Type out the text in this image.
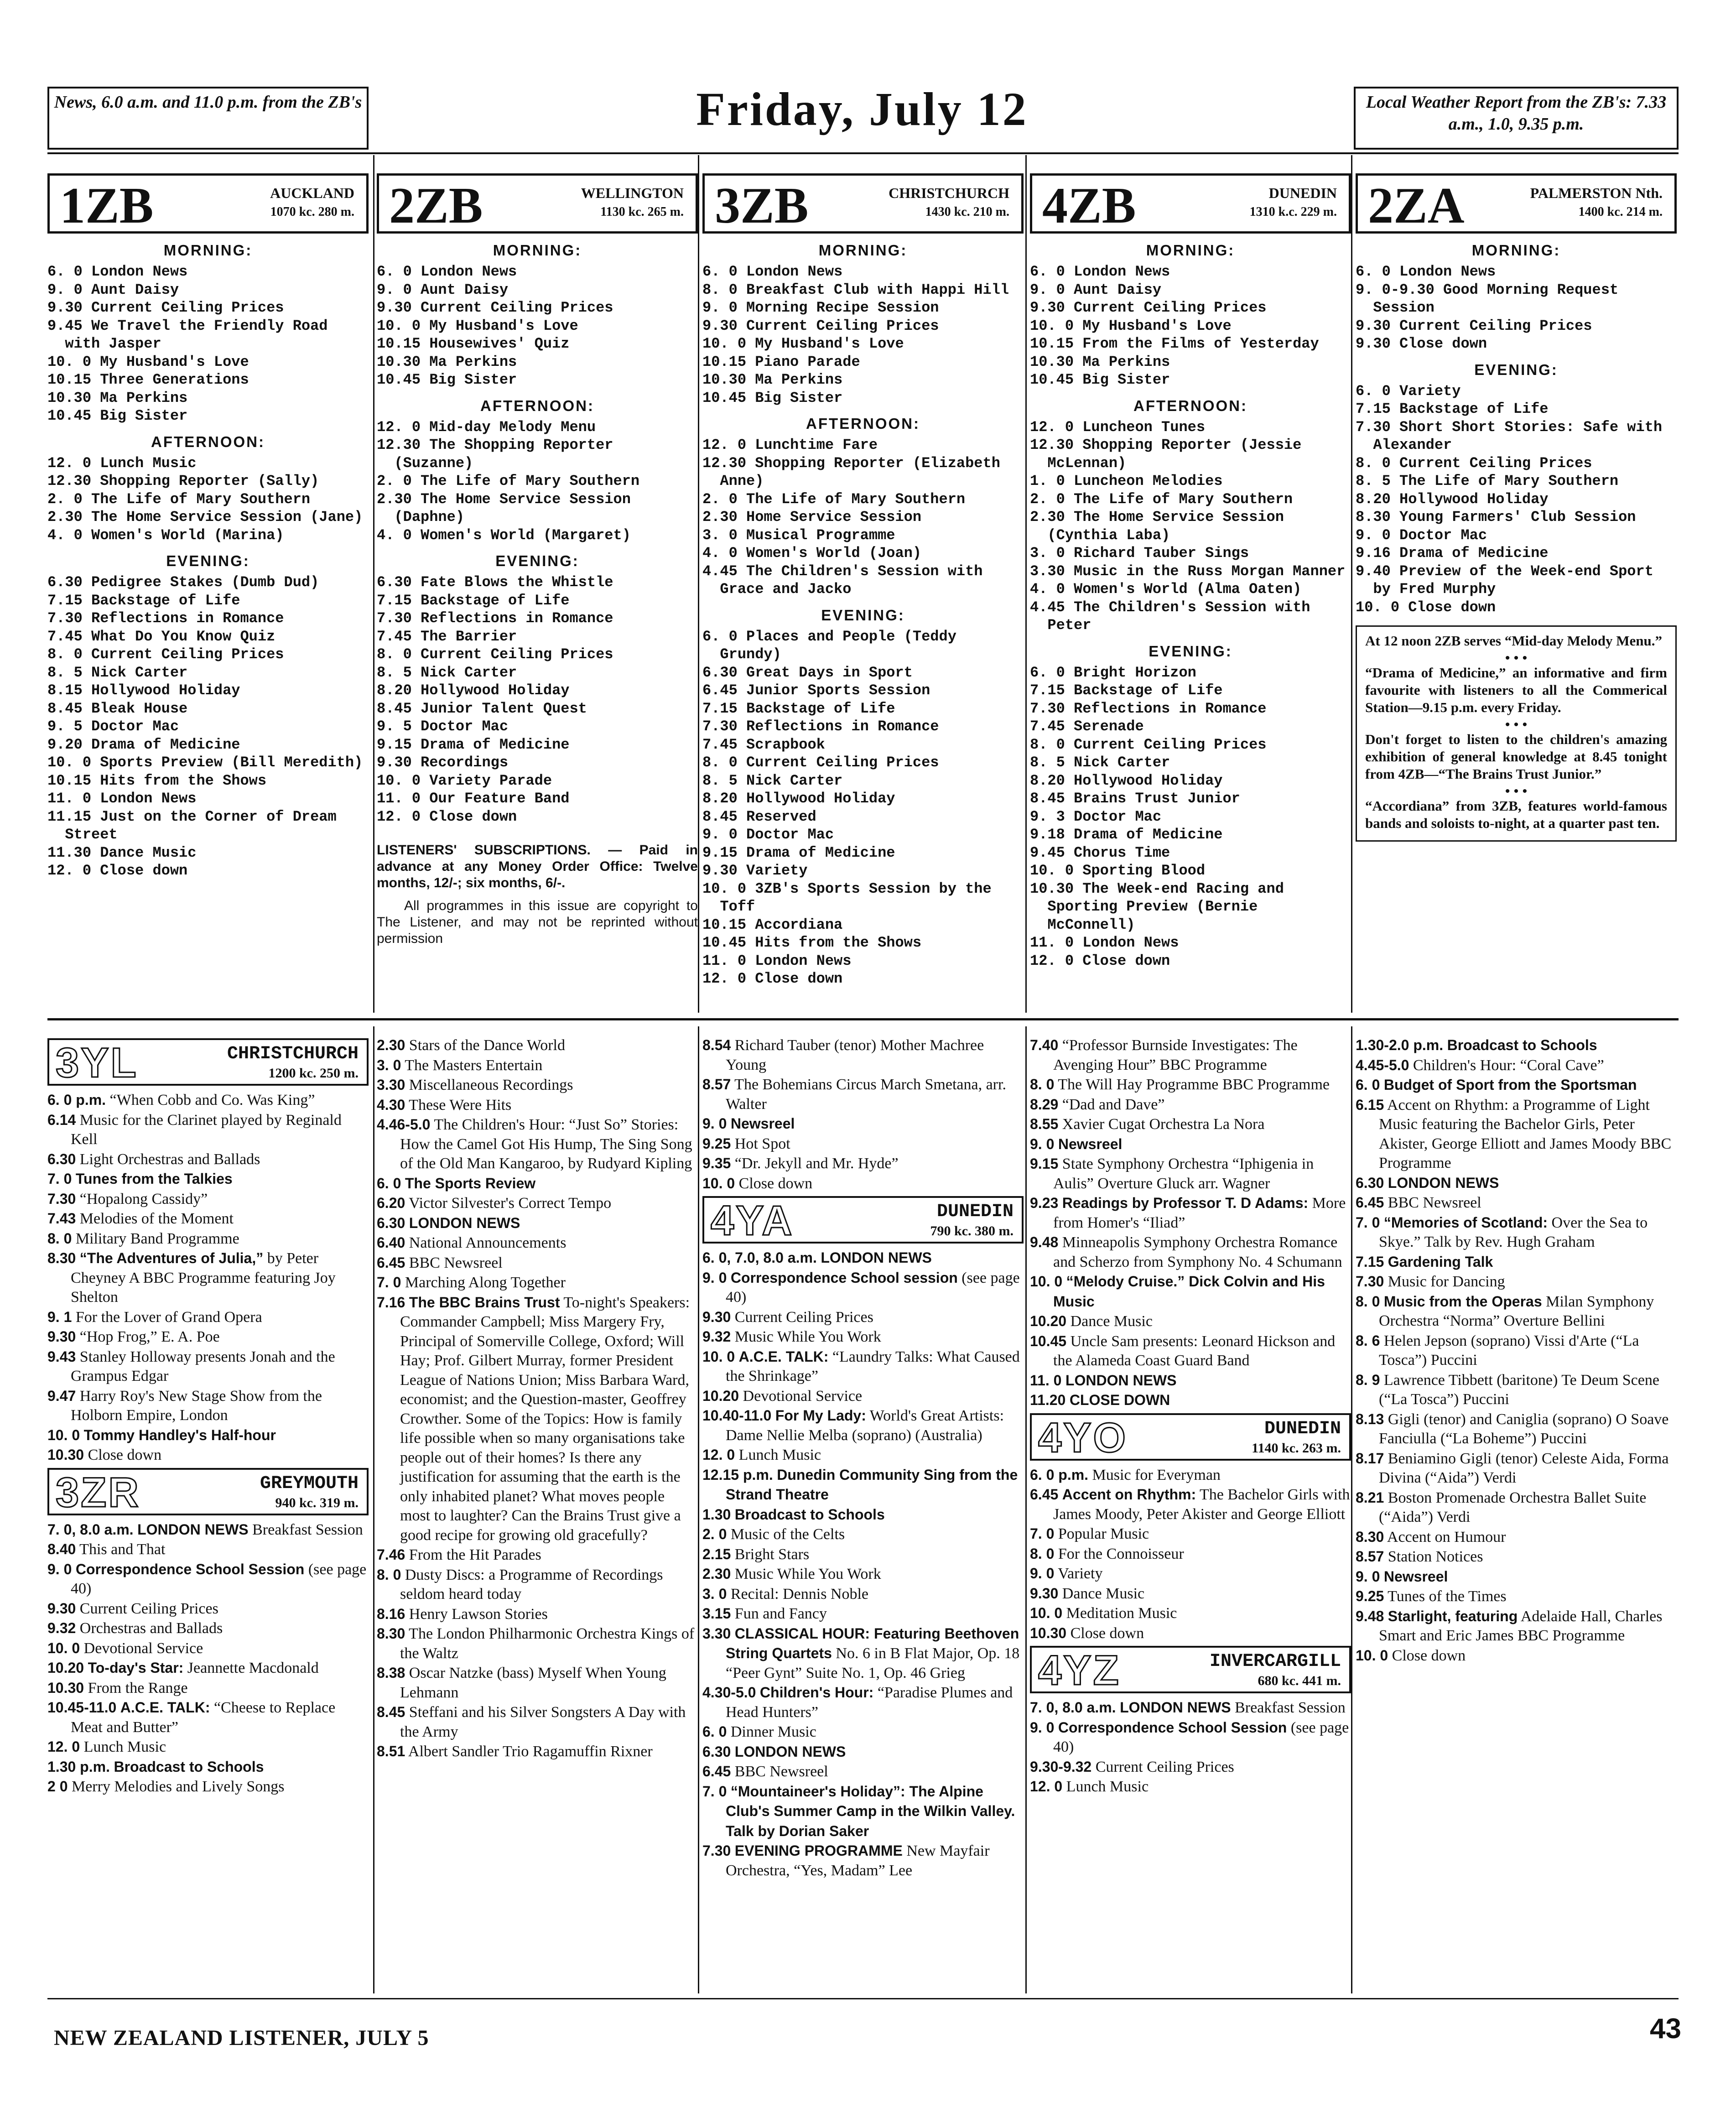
News, 6.0 a.m. and 11.0 p.m. from the ZB's	Friday, July 12	Local Weather Report from the ZB's: 7.33 a.m., 1.0, 9.35 p.m.
1ZB	AUCKLAND
1070 kc. 280 m.
MORNING:
6. 0 London News
9. 0 Aunt Daisy
9.30 Current Ceiling Prices
9.45 We Travel the Friendly Road with Jasper
10. 0 My Husband's Love
10.15 Three Generations
10.30 Ma Perkins
10.45 Big Sister
AFTERNOON:
12. 0 Lunch Music
12.30 Shopping Reporter (Sally)
2. 0 The Life of Mary Southern
2.30 The Home Service Session (Jane)
4. 0 Women's World (Marina)
EVENING:
6.30 Pedigree Stakes (Dumb Dud)
7.15 Backstage of Life
7.30 Reflections in Romance
7.45 What Do You Know Quiz
8. 0 Current Ceiling Prices
8. 5 Nick Carter
8.15 Hollywood Holiday
8.45 Bleak House
9. 5 Doctor Mac
9.20 Drama of Medicine
10. 0 Sports Preview (Bill Meredith)
10.15 Hits from the Shows
11. 0 London News
11.15 Just on the Corner of Dream Street
11.30 Dance Music
12. 0 Close down
2ZB	WELLINGTON
1130 kc. 265 m.
MORNING:
6. 0 London News
9. 0 Aunt Daisy
9.30 Current Ceiling Prices
10. 0 My Husband's Love
10.15 Housewives' Quiz
10.30 Ma Perkins
10.45 Big Sister
AFTERNOON:
12. 0 Mid-day Melody Menu
12.30 The Shopping Reporter (Suzanne)
2. 0 The Life of Mary Southern
2.30 The Home Service Session (Daphne)
4. 0 Women's World (Margaret)
EVENING:
6.30 Fate Blows the Whistle
7.15 Backstage of Life
7.30 Reflections in Romance
7.45 The Barrier
8. 0 Current Ceiling Prices
8. 5 Nick Carter
8.20 Hollywood Holiday
8.45 Junior Talent Quest
9. 5 Doctor Mac
9.15 Drama of Medicine
9.30 Recordings
10. 0 Variety Parade
11. 0 Our Feature Band
12. 0 Close down
LISTENERS' SUBSCRIPTIONS. — Paid in advance at any Money Order Office: Twelve months, 12/-; six months, 6/-.
All programmes in this issue are copyright to The Listener, and may not be reprinted without permission
3ZB	CHRISTCHURCH
1430 kc. 210 m.
MORNING:
6. 0 London News
8. 0 Breakfast Club with Happi Hill
9. 0 Morning Recipe Session
9.30 Current Ceiling Prices
10. 0 My Husband's Love
10.15 Piano Parade
10.30 Ma Perkins
10.45 Big Sister
AFTERNOON:
12. 0 Lunchtime Fare
12.30 Shopping Reporter (Elizabeth Anne)
2. 0 The Life of Mary Southern
2.30 Home Service Session
3. 0 Musical Programme
4. 0 Women's World (Joan)
4.45 The Children's Session with Grace and Jacko
EVENING:
6. 0 Places and People (Teddy Grundy)
6.30 Great Days in Sport
6.45 Junior Sports Session
7.15 Backstage of Life
7.30 Reflections in Romance
7.45 Scrapbook
8. 0 Current Ceiling Prices
8. 5 Nick Carter
8.20 Hollywood Holiday
8.45 Reserved
9. 0 Doctor Mac
9.15 Drama of Medicine
9.30 Variety
10. 0 3ZB's Sports Session by the Toff
10.15 Accordiana
10.45 Hits from the Shows
11. 0 London News
12. 0 Close down
4ZB	DUNEDIN
1310 k.c. 229 m.
MORNING:
6. 0 London News
9. 0 Aunt Daisy
9.30 Current Ceiling Prices
10. 0 My Husband's Love
10.15 From the Films of Yesterday
10.30 Ma Perkins
10.45 Big Sister
AFTERNOON:
12. 0 Luncheon Tunes
12.30 Shopping Reporter (Jessie McLennan)
1. 0 Luncheon Melodies
2. 0 The Life of Mary Southern
2.30 The Home Service Session (Cynthia Laba)
3. 0 Richard Tauber Sings
3.30 Music in the Russ Morgan Manner
4. 0 Women's World (Alma Oaten)
4.45 The Children's Session with Peter
EVENING:
6. 0 Bright Horizon
7.15 Backstage of Life
7.30 Reflections in Romance
7.45 Serenade
8. 0 Current Ceiling Prices
8. 5 Nick Carter
8.20 Hollywood Holiday
8.45 Brains Trust Junior
9. 3 Doctor Mac
9.18 Drama of Medicine
9.45 Chorus Time
10. 0 Sporting Blood
10.30 The Week-end Racing and Sporting Preview (Bernie McConnell)
11. 0 London News
12. 0 Close down
2ZA	PALMERSTON Nth.
1400 kc. 214 m.
MORNING:
6. 0 London News
9. 0-9.30 Good Morning Request Session
9.30 Current Ceiling Prices
9.30 Close down
EVENING:
6. 0 Variety
7.15 Backstage of Life
7.30 Short Short Stories: Safe with Alexander
8. 0 Current Ceiling Prices
8. 5 The Life of Mary Southern
8.20 Hollywood Holiday
8.30 Young Farmers' Club Session
9. 0 Doctor Mac
9.16 Drama of Medicine
9.40 Preview of the Week-end Sport by Fred Murphy
10. 0 Close down

At 12 noon 2ZB serves “Mid-day Melody Menu.”

• • •

“Drama of Medicine,” an informative and firm favourite with listeners to all the Commerical Station—9.15 p.m. every Friday.

• • •

Don't forget to listen to the children's amazing exhibition of general knowledge at 8.45 tonight from 4ZB—“The Brains Trust Junior.”

• • •

“Accordiana” from 3ZB, features world-famous bands and soloists to-night, at a quarter past ten.

3YL	CHRISTCHURCH
1200 kc. 250 m.
6. 0 p.m. “When Cobb and Co. Was King”
6.14 Music for the Clarinet played by Reginald Kell
6.30 Light Orchestras and Ballads
7. 0 Tunes from the Talkies
7.30 “Hopalong Cassidy”
7.43 Melodies of the Moment
8. 0 Military Band Programme
8.30 “The Adventures of Julia,” by Peter Cheyney A BBC Programme featuring Joy Shelton
9. 1 For the Lover of Grand Opera
9.30 “Hop Frog,” E. A. Poe
9.43 Stanley Holloway presents Jonah and the Grampus Edgar
9.47 Harry Roy's New Stage Show from the Holborn Empire, London
10. 0 Tommy Handley's Half-hour
10.30 Close down
3ZR	GREYMOUTH
940 kc. 319 m.
7. 0, 8.0 a.m. LONDON NEWS Breakfast Session
8.40 This and That
9. 0 Correspondence School Session (see page 40)
9.30 Current Ceiling Prices
9.32 Orchestras and Ballads
10. 0 Devotional Service
10.20 To-day's Star: Jeannette Macdonald
10.30 From the Range
10.45-11.0 A.C.E. TALK: “Cheese to Replace Meat and Butter”
12. 0 Lunch Music
1.30 p.m. Broadcast to Schools
2 0 Merry Melodies and Lively Songs
2.30 Stars of the Dance World
3. 0 The Masters Entertain
3.30 Miscellaneous Recordings
4.30 These Were Hits
4.46-5.0 The Children's Hour: “Just So” Stories: How the Camel Got His Hump, The Sing Song of the Old Man Kangaroo, by Rudyard Kipling
6. 0 The Sports Review
6.20 Victor Silvester's Correct Tempo
6.30 LONDON NEWS
6.40 National Announcements
6.45 BBC Newsreel
7. 0 Marching Along Together
7.16 The BBC Brains Trust To-night's Speakers: Commander Campbell; Miss Margery Fry, Principal of Somerville College, Oxford; Will Hay; Prof. Gilbert Murray, former President League of Nations Union; Miss Barbara Ward, economist; and the Question-master, Geoffrey Crowther. Some of the Topics: How is family life possible when so many organisations take people out of their homes? Is there any justification for assuming that the earth is the only inhabited planet? What moves people most to laughter? Can the Brains Trust give a good recipe for growing old gracefully?
7.46 From the Hit Parades
8. 0 Dusty Discs: a Programme of Recordings seldom heard today
8.16 Henry Lawson Stories
8.30 The London Philharmonic Orchestra Kings of the Waltz
8.38 Oscar Natzke (bass) Myself When Young Lehmann
8.45 Steffani and his Silver Songsters A Day with the Army
8.51 Albert Sandler Trio Ragamuffin Rixner
8.54 Richard Tauber (tenor) Mother Machree Young
8.57 The Bohemians Circus March Smetana, arr. Walter
9. 0 Newsreel
9.25 Hot Spot
9.35 “Dr. Jekyll and Mr. Hyde”
10. 0 Close down
4YA	DUNEDIN
790 kc. 380 m.
6. 0, 7.0, 8.0 a.m. LONDON NEWS
9. 0 Correspondence School session (see page 40)
9.30 Current Ceiling Prices
9.32 Music While You Work
10. 0 A.C.E. TALK: “Laundry Talks: What Caused the Shrinkage”
10.20 Devotional Service
10.40-11.0 For My Lady: World's Great Artists: Dame Nellie Melba (soprano) (Australia)
12. 0 Lunch Music
12.15 p.m. Dunedin Community Sing from the Strand Theatre
1.30 Broadcast to Schools
2. 0 Music of the Celts
2.15 Bright Stars
2.30 Music While You Work
3. 0 Recital: Dennis Noble
3.15 Fun and Fancy
3.30 CLASSICAL HOUR: Featuring Beethoven String Quartets No. 6 in B Flat Major, Op. 18 “Peer Gynt” Suite No. 1, Op. 46 Grieg
4.30-5.0 Children's Hour: “Paradise Plumes and Head Hunters”
6. 0 Dinner Music
6.30 LONDON NEWS
6.45 BBC Newsreel
7. 0 “Mountaineer's Holiday”: The Alpine Club's Summer Camp in the Wilkin Valley. Talk by Dorian Saker
7.30 EVENING PROGRAMME New Mayfair Orchestra, “Yes, Madam” Lee
7.40 “Professor Burnside Investigates: The Avenging Hour” BBC Programme
8. 0 The Will Hay Programme BBC Programme
8.29 “Dad and Dave”
8.55 Xavier Cugat Orchestra La Nora
9. 0 Newsreel
9.15 State Symphony Orchestra “Iphigenia in Aulis” Overture Gluck arr. Wagner
9.23 Readings by Professor T. D Adams: More from Homer's “Iliad”
9.48 Minneapolis Symphony Orchestra Romance and Scherzo from Symphony No. 4 Schumann
10. 0 “Melody Cruise.” Dick Colvin and His Music
10.20 Dance Music
10.45 Uncle Sam presents: Leonard Hickson and the Alameda Coast Guard Band
11. 0 LONDON NEWS
11.20 CLOSE DOWN
4YO	DUNEDIN
1140 kc. 263 m.
6. 0 p.m. Music for Everyman
6.45 Accent on Rhythm: The Bachelor Girls with James Moody, Peter Akister and George Elliott
7. 0 Popular Music
8. 0 For the Connoisseur
9. 0 Variety
9.30 Dance Music
10. 0 Meditation Music
10.30 Close down
4YZ	INVERCARGILL
680 kc. 441 m.
7. 0, 8.0 a.m. LONDON NEWS Breakfast Session
9. 0 Correspondence School Session (see page 40)
9.30-9.32 Current Ceiling Prices
12. 0 Lunch Music
1.30-2.0 p.m. Broadcast to Schools
4.45-5.0 Children's Hour: “Coral Cave”
6. 0 Budget of Sport from the Sportsman
6.15 Accent on Rhythm: a Programme of Light Music featuring the Bachelor Girls, Peter Akister, George Elliott and James Moody BBC Programme
6.30 LONDON NEWS
6.45 BBC Newsreel
7. 0 “Memories of Scotland: Over the Sea to Skye.” Talk by Rev. Hugh Graham
7.15 Gardening Talk
7.30 Music for Dancing
8. 0 Music from the Operas Milan Symphony Orchestra “Norma” Overture Bellini
8. 6 Helen Jepson (soprano) Vissi d'Arte (“La Tosca”) Puccini
8. 9 Lawrence Tibbett (baritone) Te Deum Scene (“La Tosca”) Puccini
8.13 Gigli (tenor) and Caniglia (soprano) O Soave Fanciulla (“La Boheme”) Puccini
8.17 Beniamino Gigli (tenor) Celeste Aida, Forma Divina (“Aida”) Verdi
8.21 Boston Promenade Orchestra Ballet Suite (“Aida”) Verdi
8.30 Accent on Humour
8.57 Station Notices
9. 0 Newsreel
9.25 Tunes of the Times
9.48 Starlight, featuring Adelaide Hall, Charles Smart and Eric James BBC Programme
10. 0 Close down
NEW ZEALAND LISTENER, JULY 5	43
